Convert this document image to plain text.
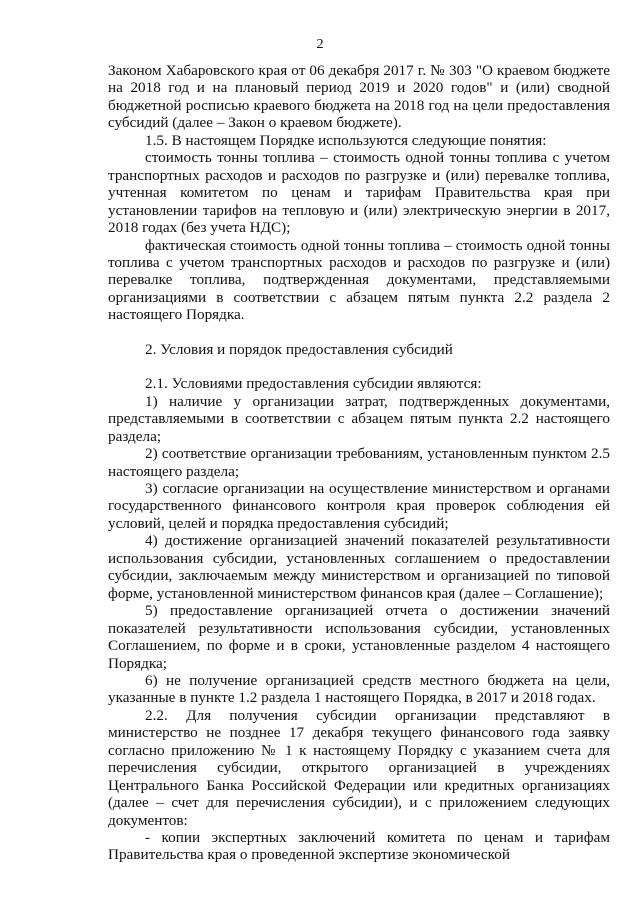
2

Законом Хабаровского края от 06 декабря 2017 г. № 303 "О краевом бюджете на 2018 год и на плановый период 2019 и 2020 годов" и (или) сводной бюджетной росписью краевого бюджета на 2018 год на цели предоставления субсидий (далее – Закон о краевом бюджете).

1.5. В настоящем Порядке используются следующие понятия:

стоимость тонны топлива – стоимость одной тонны топлива с учетом транспортных расходов и расходов по разгрузке и (или) перевалке топлива, учтенная комитетом по ценам и тарифам Правительства края при установлении тарифов на тепловую и (или) электрическую энергии в 2017, 2018 годах (без учета НДС);

фактическая стоимость одной тонны топлива – стоимость одной тонны топлива с учетом транспортных расходов и расходов по разгрузке и (или) перевалке топлива, подтвержденная документами, представляемыми организациями в соответствии с абзацем пятым пункта 2.2 раздела 2 настоящего Порядка.

2. Условия и порядок предоставления субсидий

2.1. Условиями предоставления субсидии являются:

1) наличие у организации затрат, подтвержденных документами, представляемыми в соответствии с абзацем пятым пункта 2.2 настоящего раздела;

2) соответствие организации требованиям, установленным пунктом 2.5 настоящего раздела;

3) согласие организации на осуществление министерством и органами государственного финансового контроля края проверок соблюдения ей условий, целей и порядка предоставления субсидий;

4) достижение организацией значений показателей результативности использования субсидии, установленных соглашением о предоставлении субсидии, заключаемым между министерством и организацией по типовой форме, установленной министерством финансов края (далее – Соглашение);

5) предоставление организацией отчета о достижении значений показателей результативности использования субсидии, установленных Соглашением, по форме и в сроки, установленные разделом 4 настоящего Порядка;

6) не получение организацией средств местного бюджета на цели, указанные в пункте 1.2 раздела 1 настоящего Порядка, в 2017 и 2018 годах.

2.2. Для получения субсидии организации представляют в министерство не позднее 17 декабря текущего финансового года заявку согласно приложению № 1 к настоящему Порядку с указанием счета для перечисления субсидии, открытого организацией в учреждениях Центрального Банка Российской Федерации или кредитных организациях (далее – счет для перечисления субсидии), и с приложением следующих документов:

- копии экспертных заключений комитета по ценам и тарифам Правительства края о проведенной экспертизе экономической
